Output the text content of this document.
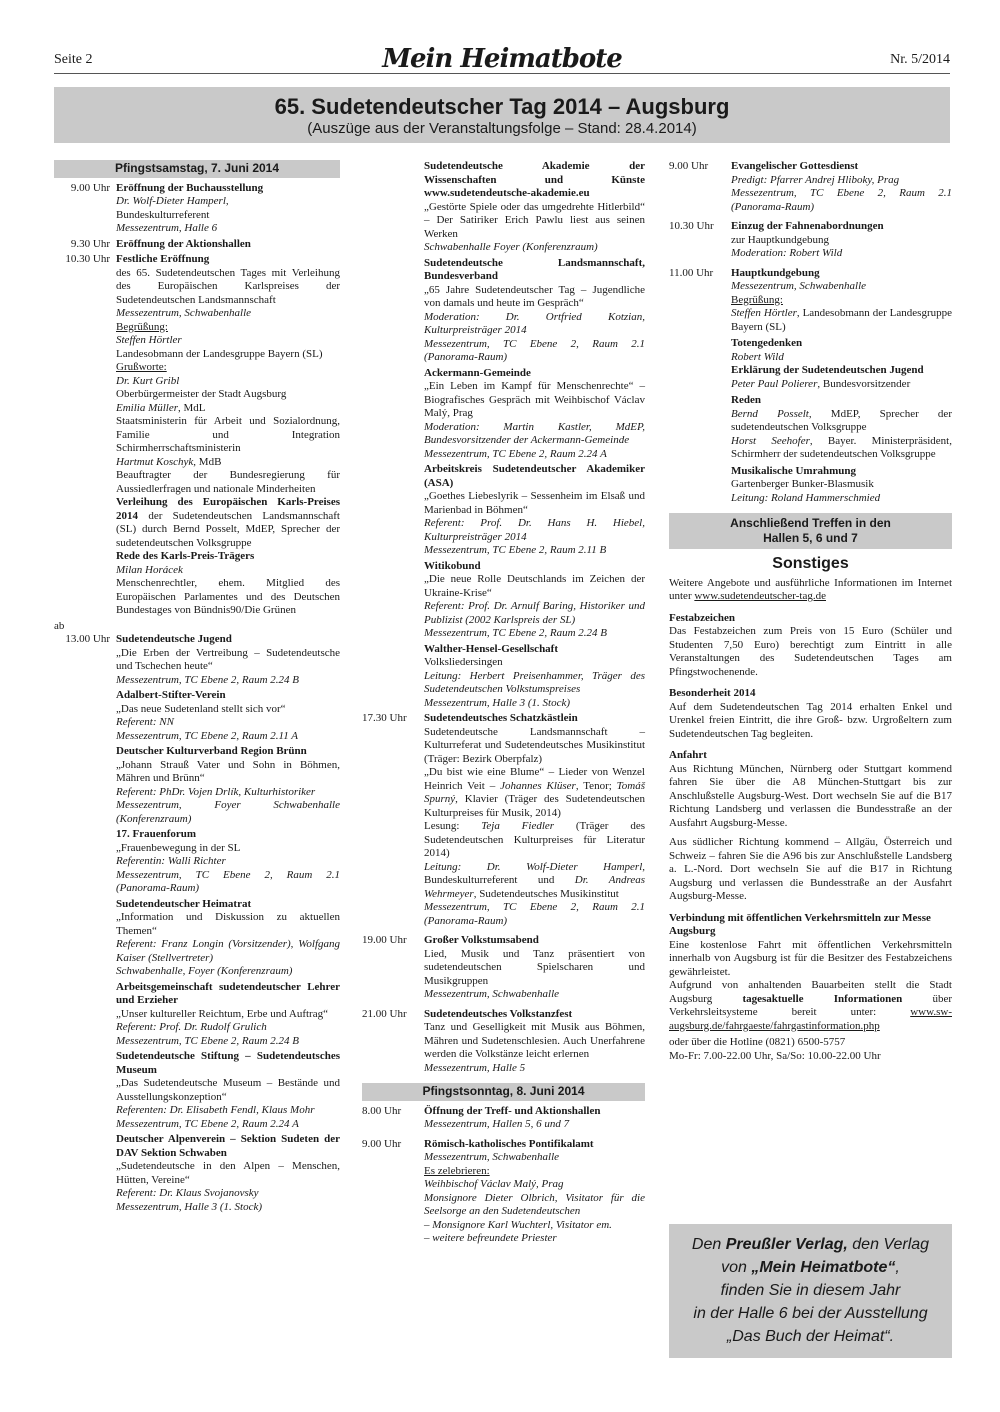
Seite 2	Mein Heimatbote	Nr. 5/2014
65. Sudetendeutscher Tag 2014 – Augsburg
(Auszüge aus der Veranstaltungsfolge – Stand: 28.4.2014)
Pfingstsamstag, 7. Juni 2014
9.00 Uhr Eröffnung der Buchausstellung
Dr. Wolf-Dieter Hamperl,
Bundeskulturreferent
Messezentrum, Halle 6
9.30 Uhr Eröffnung der Aktionshallen
10.30 Uhr Festliche Eröffnung
des 65. Sudetendeutschen Tages mit Verleihung des Europäischen Karlspreises der Sudetendeutschen Landsmannschaft
Messezentrum, Schwabenhalle
Begrüßung:
Steffen Hörtler
Landesobmann der Landesgruppe Bayern (SL)
Grußworte:
Dr. Kurt Gribl
Oberbürgermeister der Stadt Augsburg
Emilia Müller, MdL
Staatsministerin für Arbeit und Sozialordnung, Familie und Integration Schirmherrschaftsministerin
Hartmut Koschyk, MdB
Beauftragter der Bundesregierung für Aussiedlerfragen und nationale Minderheiten
Verleihung des Europäischen Karls-Preises 2014 der Sudetendeutschen Landsmannschaft (SL) durch Bernd Posselt, MdEP, Sprecher der sudetendeutschen Volksgruppe
Rede des Karls-Preis-Trägers
Milan Horácek
Menschenrechtler, ehem. Mitglied des Europäischen Parlamentes und des Deutschen Bundestages von Bündnis90/Die Grünen
ab
13.00 Uhr Sudetendeutsche Jugend
„Die Erben der Vertreibung – Sudetendeutsche und Tschechen heute“
Messezentrum, TC Ebene 2, Raum 2.24 B
Adalbert-Stifter-Verein
„Das neue Sudetenland stellt sich vor“
Referent: NN
Messezentrum, TC Ebene 2, Raum 2.11 A
Deutscher Kulturverband Region Brünn
„Johann Strauß Vater und Sohn in Böhmen, Mähren und Brünn“
Referent: PhDr. Vojen Drlík, Kulturhistoriker
Messezentrum, Foyer Schwabenhalle (Konferenzraum)
17. Frauenforum
„Frauenbewegung in der SL
Referentin: Walli Richter
Messezentrum, TC Ebene 2, Raum 2.1 (Panorama-Raum)
Sudetendeutscher Heimatrat
„Information und Diskussion zu aktuellen Themen“
Referent: Franz Longin (Vorsitzender), Wolfgang Kaiser (Stellvertreter)
Schwabenhalle, Foyer (Konferenzraum)
Arbeitsgemeinschaft sudetendeutscher Lehrer und Erzieher
„Unser kultureller Reichtum, Erbe und Auftrag“
Referent: Prof. Dr. Rudolf Grulich
Messezentrum, TC Ebene 2, Raum 2.24 B
Sudetendeutsche Stiftung – Sudetendeutsches Museum
„Das Sudetendeutsche Museum – Bestände und Ausstellungskonzeption“
Referenten: Dr. Elisabeth Fendl, Klaus Mohr
Messezentrum, TC Ebene 2, Raum 2.24 A
Deutscher Alpenverein – Sektion Sudeten der DAV Sektion Schwaben
„Sudetendeutsche in den Alpen – Menschen, Hütten, Vereine“
Referent: Dr. Klaus Svojanovsky
Messezentrum, Halle 3 (1. Stock)
Sudetendeutsche Akademie der Wissenschaften und Künste www.sudetendeutsche-akademie.eu
„Gestörte Spiele oder das umgedrehte Hitlerbild“ – Der Satiriker Erich Pawlu liest aus seinen Werken
Schwabenhalle Foyer (Konferenzraum)
Sudetendeutsche Landsmannschaft, Bundesverband
„65 Jahre Sudetendeutscher Tag – Jugendliche von damals und heute im Gespräch“
Moderation: Dr. Ortfried Kotzian, Kulturpreisträger 2014
Messezentrum, TC Ebene 2, Raum 2.1 (Panorama-Raum)
Ackermann-Gemeinde
„Ein Leben im Kampf für Menschenrechte“ – Biografisches Gespräch mit Weihbischof Václav Malý, Prag
Moderation: Martin Kastler, MdEP, Bundesvorsitzender der Ackermann-Gemeinde
Messezentrum, TC Ebene 2, Raum 2.24 A
Arbeitskreis Sudetendeutscher Akademiker (ASA)
„Goethes Liebeslyrik – Sessenheim im Elsaß und Marienbad in Böhmen“
Referent: Prof. Dr. Hans H. Hiebel, Kulturpreisträger 2014
Messezentrum, TC Ebene 2, Raum 2.11 B
Witikobund
„Die neue Rolle Deutschlands im Zeichen der Ukraine-Krise“
Referent: Prof. Dr. Arnulf Baring, Historiker und Publizist (2002 Karlspreis der SL)
Messezentrum, TC Ebene 2, Raum 2.24 B
Walther-Hensel-Gesellschaft
Volksliedersingen
Leitung: Herbert Preisenhammer, Träger des Sudetendeutschen Volkstumspreises
Messezentrum, Halle 3 (1. Stock)
17.30 Uhr	Sudetendeutsches Schatzkästlein
Sudetendeutsche Landsmannschaft – Kulturreferat und Sudetendeutsches Musikinstitut (Träger: Bezirk Oberpfalz)
„Du bist wie eine Blume“ – Lieder von Wenzel Heinrich Veit – Johannes Klüser, Tenor; Tomáš Spurný, Klavier (Träger des Sudetendeutschen Kulturpreises für Musik, 2014)
Lesung: Teja Fiedler (Träger des Sudetendeutschen Kulturpreises für Literatur 2014)
Leitung: Dr. Wolf-Dieter Hamperl, Bundeskulturreferent und Dr. Andreas Wehrmeyer, Sudetendeutsches Musikinstitut
Messezentrum, TC Ebene 2, Raum 2.1 (Panorama-Raum)
19.00 Uhr	Großer Volkstumsabend
Lied, Musik und Tanz präsentiert von sudetendeutschen Spielscharen und Musikgruppen
Messezentrum, Schwabenhalle
21.00 Uhr	Sudetendeutsches Volkstanzfest
Tanz und Geselligkeit mit Musik aus Böhmen, Mähren und Sudetenschlesien. Auch Unerfahrene werden die Volkstänze leicht erlernen
Messezentrum, Halle 5
Pfingstsonntag, 8. Juni 2014
8.00 Uhr	Öffnung der Treff- und Aktionshallen
Messezentrum, Hallen 5, 6 und 7
9.00 Uhr	Römisch-katholisches Pontifikalamt
Messezentrum, Schwabenhalle
Es zelebrieren:
Weihbischof Václav Malý, Prag
Monsignore Dieter Olbrich, Visitator für die Seelsorge an den Sudetendeutschen
– Monsignore Karl Wuchterl, Visitator em.
– weitere befreundete Priester
9.00 Uhr	Evangelischer Gottesdienst
Predigt: Pfarrer Andrej Hliboky, Prag
Messezentrum, TC Ebene 2, Raum 2.1 (Panorama-Raum)
10.30 Uhr	Einzug der Fahnenabordnungen
zur Hauptkundgebung
Moderation: Robert Wild
11.00 Uhr	Hauptkundgebung
Messezentrum, Schwabenhalle
Begrüßung:
Steffen Hörtler, Landesobmann der Landesgruppe Bayern (SL)
Totengedenken
Robert Wild
Erklärung der Sudetendeutschen Jugend
Peter Paul Polierer, Bundesvorsitzender
Reden
Bernd Posselt, MdEP, Sprecher der sudetendeutschen Volksgruppe
Horst Seehofer, Bayer. Ministerpräsident, Schirmherr der sudetendeutschen Volksgruppe
Musikalische Umrahmung
Gartenberger Bunker-Blasmusik
Leitung: Roland Hammerschmied
Anschließend Treffen in den Hallen 5, 6 und 7
Sonstiges
Weitere Angebote und ausführliche Informationen im Internet unter www.sudetendeutscher-tag.de
Festabzeichen
Das Festabzeichen zum Preis von 15 Euro (Schüler und Studenten 7,50 Euro) berechtigt zum Eintritt in alle Veranstaltungen des Sudetendeutschen Tages am Pfingstwochenende.
Besonderheit 2014
Auf dem Sudetendeutschen Tag 2014 erhalten Enkel und Urenkel freien Eintritt, die ihre Groß- bzw. Urgroßeltern zum Sudetendeutschen Tag begleiten.
Anfahrt
Aus Richtung München, Nürnberg oder Stuttgart kommend fahren Sie über die A8 München-Stuttgart bis zur Anschlußstelle Augsburg-West. Dort wechseln Sie auf die B17 Richtung Landsberg und verlassen die Bundesstraße an der Ausfahrt Augsburg-Messe.
Aus südlicher Richtung kommend – Allgäu, Österreich und Schweiz – fahren Sie die A96 bis zur Anschlußstelle Landsberg a. L.-Nord. Dort wechseln Sie auf die B17 in Richtung Augsburg und verlassen die Bundesstraße an der Ausfahrt Augsburg-Messe.
Verbindung mit öffentlichen Verkehrsmitteln zur Messe Augsburg
Eine kostenlose Fahrt mit öffentlichen Verkehrsmitteln innerhalb von Augsburg ist für die Besitzer des Festabzeichens gewährleistet.
Aufgrund von anhaltenden Bauarbeiten stellt die Stadt Augsburg tagesaktuelle Informationen über Verkehrsleitsysteme bereit unter: www.sw-augsburg.de/fahrgaeste/fahrgastinformation.php
oder über die Hotline (0821) 6500-5757
Mo-Fr: 7.00-22.00 Uhr, Sa/So: 10.00-22.00 Uhr
Den Preußler Verlag, den Verlag
von „Mein Heimatbote“,
finden Sie in diesem Jahr
in der Halle 6 bei der Ausstellung
„Das Buch der Heimat“.
